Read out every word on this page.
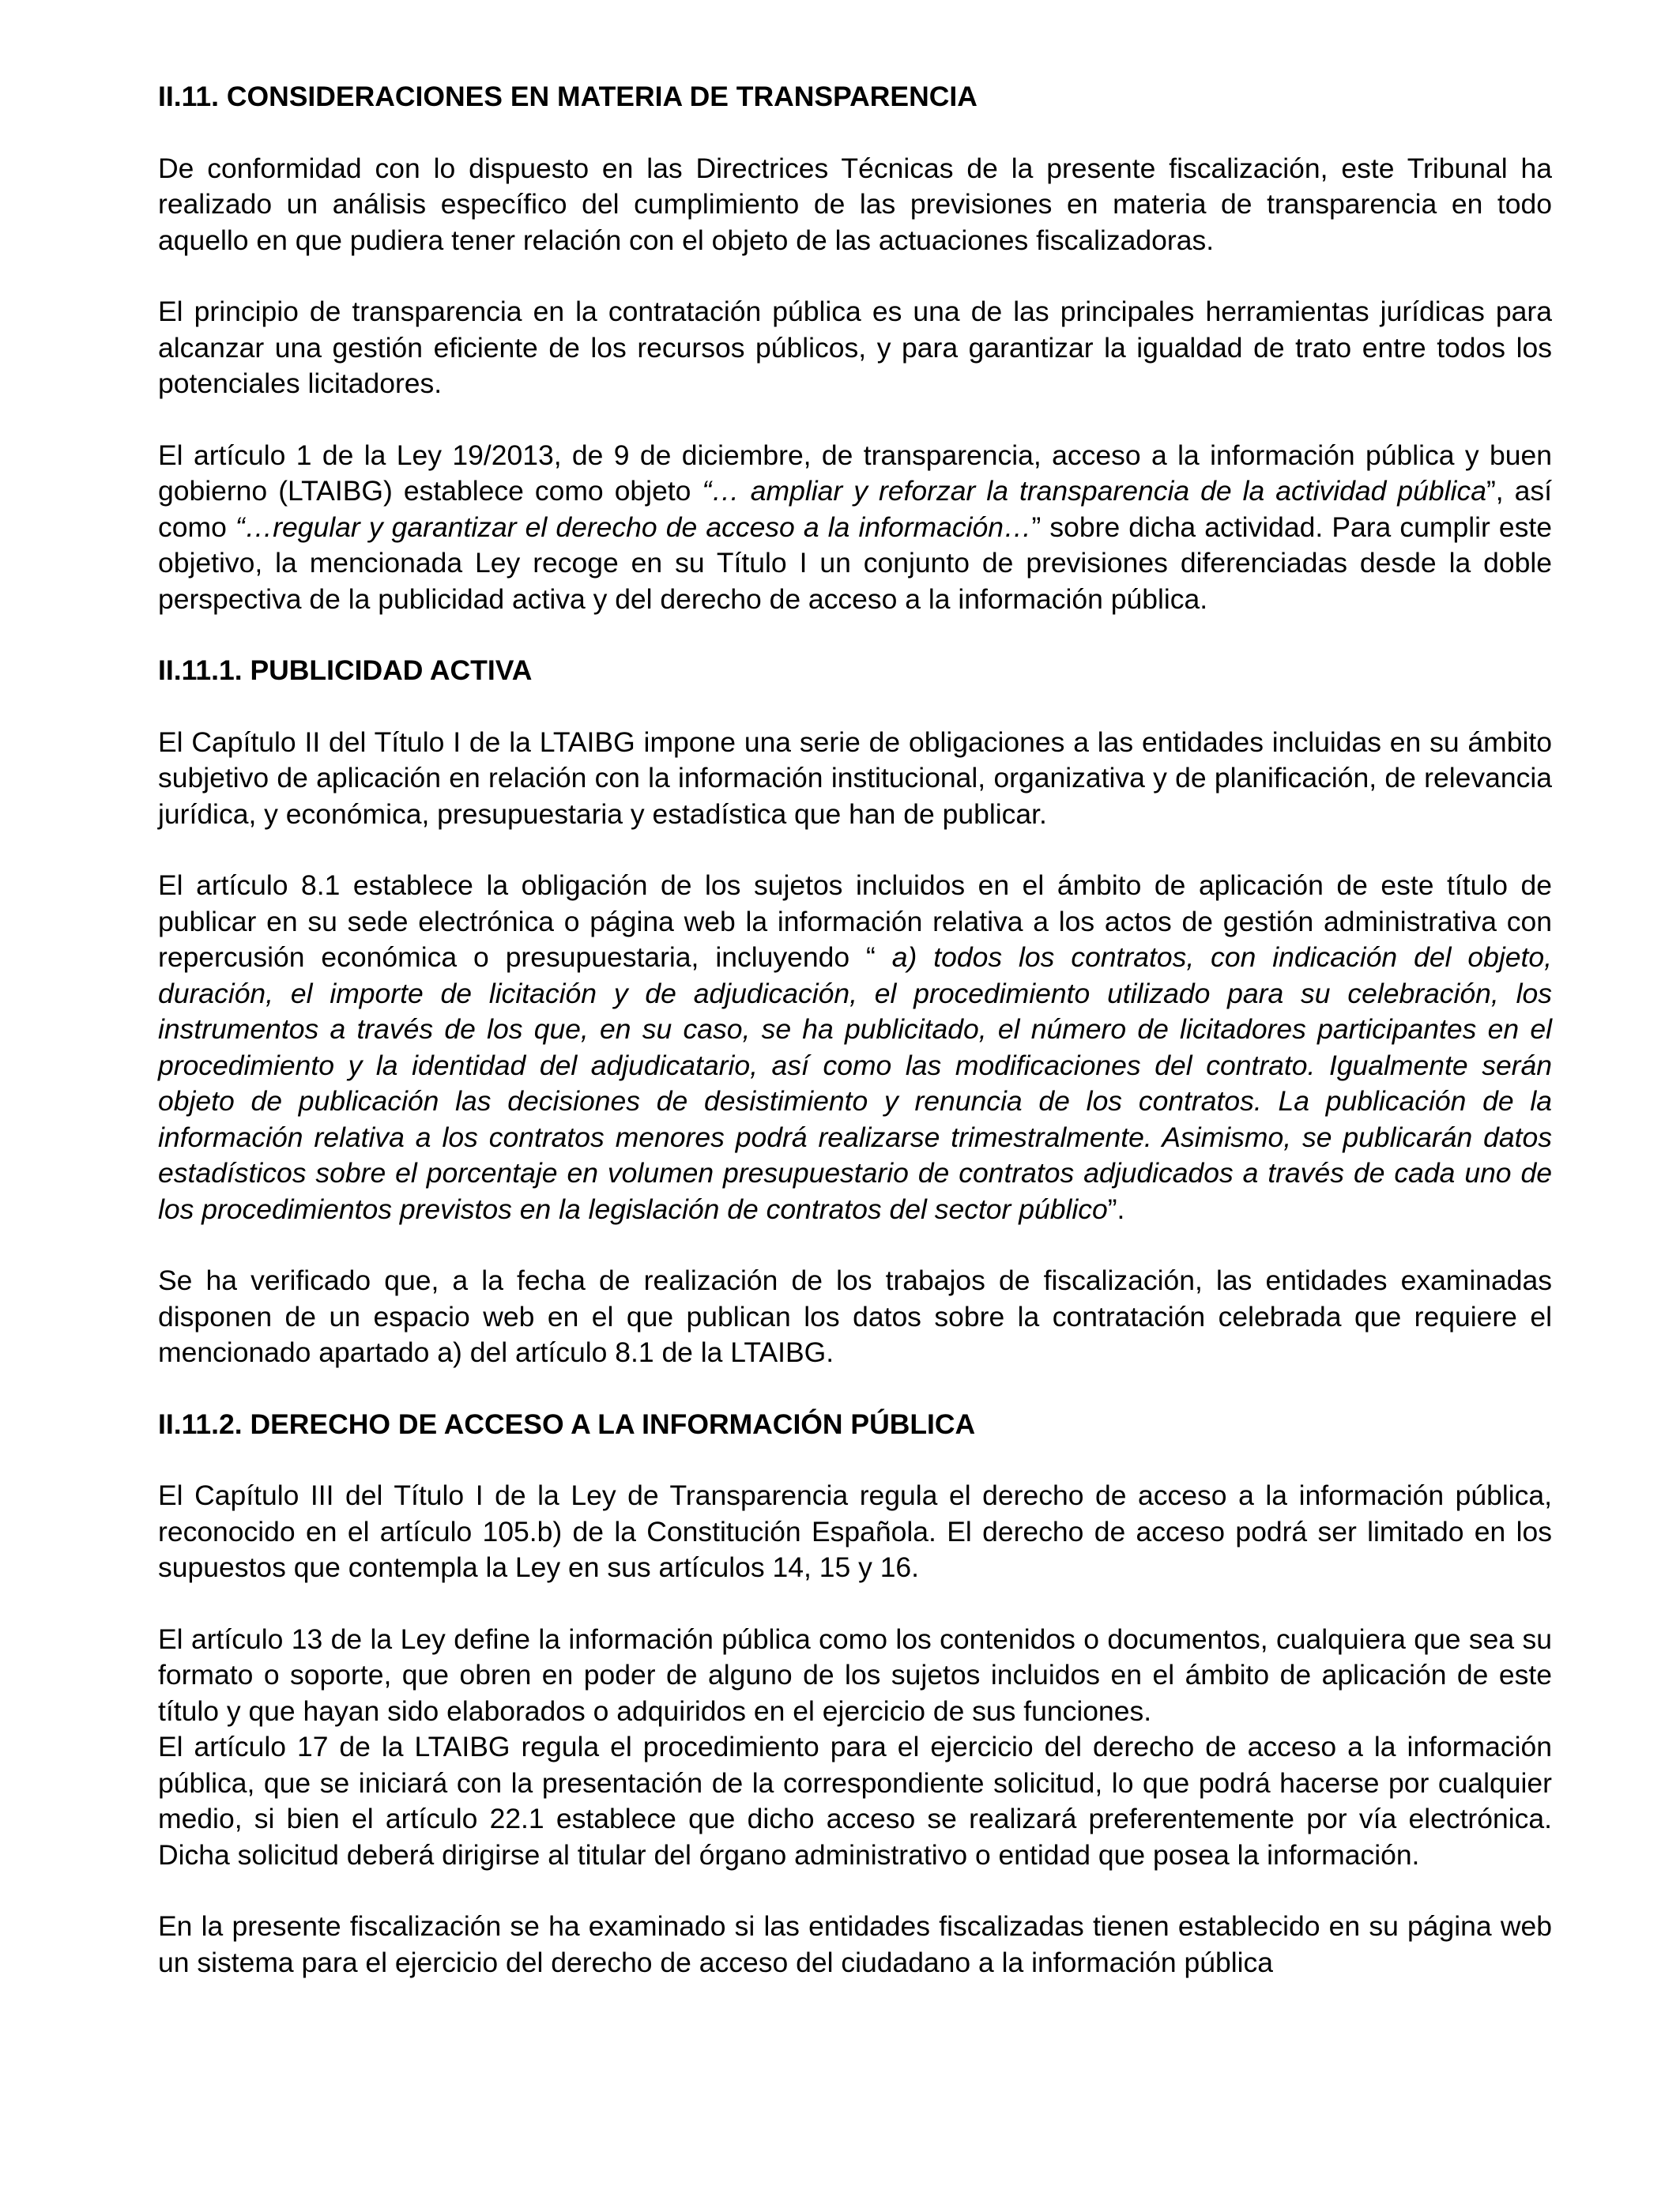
II.11. CONSIDERACIONES EN MATERIA DE TRANSPARENCIA

De conformidad con lo dispuesto en las Directrices Técnicas de la presente fiscalización, este Tribunal ha realizado un análisis específico del cumplimiento de las previsiones en materia de transparencia en todo aquello en que pudiera tener relación con el objeto de las actuaciones fiscalizadoras.

El principio de transparencia en la contratación pública es una de las principales herramientas jurídicas para alcanzar una gestión eficiente de los recursos públicos, y para garantizar la igualdad de trato entre todos los potenciales licitadores.

El artículo 1 de la Ley 19/2013, de 9 de diciembre, de transparencia, acceso a la información pública y buen gobierno (LTAIBG) establece como objeto “… ampliar y reforzar la transparencia de la actividad pública”, así como “…regular y garantizar el derecho de acceso a la información…” sobre dicha actividad. Para cumplir este objetivo, la mencionada Ley recoge en su Título I un conjunto de previsiones diferenciadas desde la doble perspectiva de la publicidad activa y del derecho de acceso a la información pública.

II.11.1. PUBLICIDAD ACTIVA

El Capítulo II del Título I de la LTAIBG impone una serie de obligaciones a las entidades incluidas en su ámbito subjetivo de aplicación en relación con la información institucional, organizativa y de planificación, de relevancia jurídica, y económica, presupuestaria y estadística que han de publicar.

El artículo 8.1 establece la obligación de los sujetos incluidos en el ámbito de aplicación de este título de publicar en su sede electrónica o página web la información relativa a los actos de gestión administrativa con repercusión económica o presupuestaria, incluyendo “ a) todos los contratos, con indicación del objeto, duración, el importe de licitación y de adjudicación, el procedimiento utilizado para su celebración, los instrumentos a través de los que, en su caso, se ha publicitado, el número de licitadores participantes en el procedimiento y la identidad del adjudicatario, así como las modificaciones del contrato. Igualmente serán objeto de publicación las decisiones de desistimiento y renuncia de los contratos. La publicación de la información relativa a los contratos menores podrá realizarse trimestralmente. Asimismo, se publicarán datos estadísticos sobre el porcentaje en volumen presupuestario de contratos adjudicados a través de cada uno de los procedimientos previstos en la legislación de contratos del sector público”.

Se ha verificado que, a la fecha de realización de los trabajos de fiscalización, las entidades examinadas disponen de un espacio web en el que publican los datos sobre la contratación celebrada que requiere el mencionado apartado a) del artículo 8.1 de la LTAIBG.

II.11.2. DERECHO DE ACCESO A LA INFORMACIÓN PÚBLICA

El Capítulo III del Título I de la Ley de Transparencia regula el derecho de acceso a la información pública, reconocido en el artículo 105.b) de la Constitución Española. El derecho de acceso podrá ser limitado en los supuestos que contempla la Ley en sus artículos 14, 15 y 16.

El artículo 13 de la Ley define la información pública como los contenidos o documentos, cualquiera que sea su formato o soporte, que obren en poder de alguno de los sujetos incluidos en el ámbito de aplicación de este título y que hayan sido elaborados o adquiridos en el ejercicio de sus funciones.

El artículo 17 de la LTAIBG regula el procedimiento para el ejercicio del derecho de acceso a la información pública, que se iniciará con la presentación de la correspondiente solicitud, lo que podrá hacerse por cualquier medio, si bien el artículo 22.1 establece que dicho acceso se realizará preferentemente por vía electrónica. Dicha solicitud deberá dirigirse al titular del órgano administrativo o entidad que posea la información.

En la presente fiscalización se ha examinado si las entidades fiscalizadas tienen establecido en su página web un sistema para el ejercicio del derecho de acceso del ciudadano a la información pública
